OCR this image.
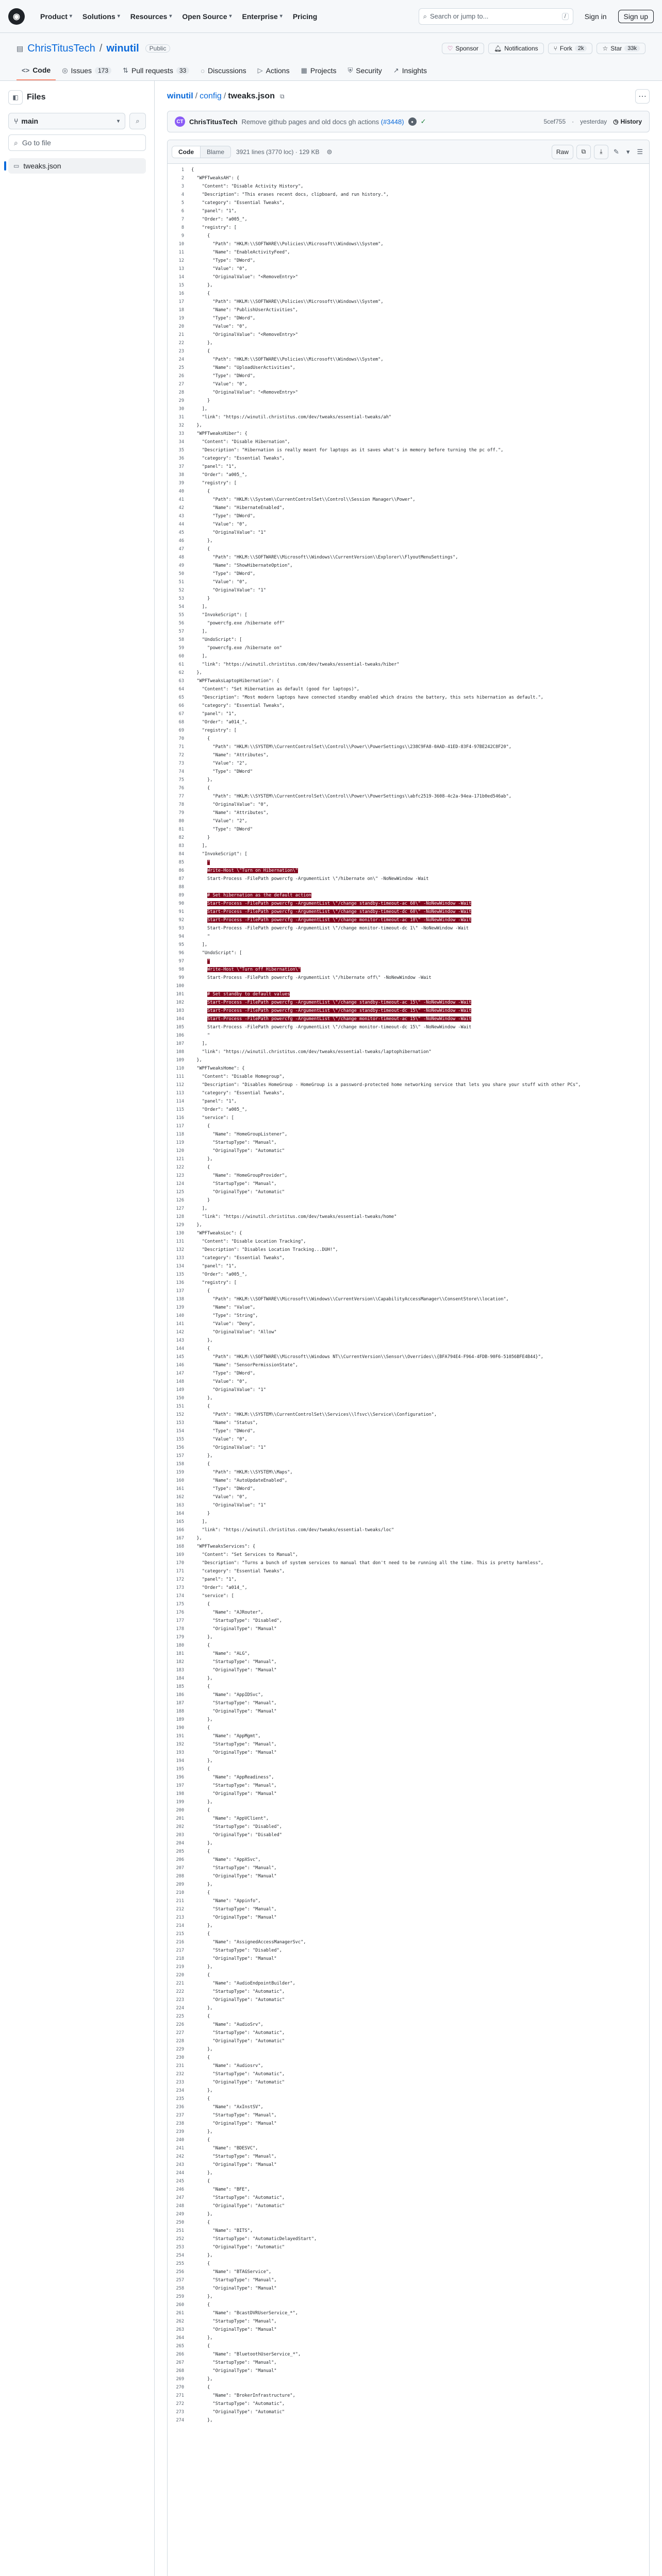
◉	Product ▾ Solutions ▾ Resources ▾ Open Source ▾ Enterprise ▾ Pricing	⌕ Search or jump to...	/	Sign in	Sign up
▤ ChrisTitusTech / winutil	Public	♡ Sponsor	🔔︎ Notifications	⑂ Fork	2k	☆ Star	33k
<> Code ◎ Issues	173	⇅ Pull requests	33	◌ Discussions ▷ Actions ▦ Projects ⛨ Security ↗ Insights
◧ Files
⑂ main	▾ ⌕
⌕ Go to file
▭ tweaks.json
winutil / config / tweaks.json ⧉	⋯
CT ChrisTitusTech Remove github pages and old docs gh actions (#3448)	●	✓	5cef755 · yesterday ◷ History
Code	Blame	3921 lines (3770 loc) · 129 KB	⊚	Raw	⧉ ⤓	✎	▾	☰
1	{
2	"WPFTweaksAH": {
3	"Content": "Disable Activity History",
4	"Description": "This erases recent docs, clipboard, and run history.",
5	"category": "Essential Tweaks",
6	"panel": "1",
7	"Order": "a005_",
8	"registry": [
9	{
10	"Path": "HKLM:\\SOFTWARE\\Policies\\Microsoft\\Windows\\System",
11	"Name": "EnableActivityFeed",
12	"Type": "DWord",
13	"Value": "0",
14	"OriginalValue": "<RemoveEntry>"
15	},
16	{
17	"Path": "HKLM:\\SOFTWARE\\Policies\\Microsoft\\Windows\\System",
18	"Name": "PublishUserActivities",
19	"Type": "DWord",
20	"Value": "0",
21	"OriginalValue": "<RemoveEntry>"
22	},
23	{
24	"Path": "HKLM:\\SOFTWARE\\Policies\\Microsoft\\Windows\\System",
25	"Name": "UploadUserActivities",
26	"Type": "DWord",
27	"Value": "0",
28	"OriginalValue": "<RemoveEntry>"
29	}
30	],
31	"link": "https://winutil.christitus.com/dev/tweaks/essential-tweaks/ah"
32	},
33	"WPFTweaksHiber": {
34	"Content": "Disable Hibernation",
35	"Description": "Hibernation is really meant for laptops as it saves what's in memory before turning the pc off.",
36	"category": "Essential Tweaks",
37	"panel": "1",
38	"Order": "a005_",
39	"registry": [
40	{
41	"Path": "HKLM:\\System\\CurrentControlSet\\Control\\Session Manager\\Power",
42	"Name": "HibernateEnabled",
43	"Type": "DWord",
44	"Value": "0",
45	"OriginalValue": "1"
46	},
47	{
48	"Path": "HKLM:\\SOFTWARE\\Microsoft\\Windows\\CurrentVersion\\Explorer\\FlyoutMenuSettings",
49	"Name": "ShowHibernateOption",
50	"Type": "DWord",
51	"Value": "0",
52	"OriginalValue": "1"
53	}
54	],
55	"InvokeScript": [
56	"powercfg.exe /hibernate off"
57	],
58	"UndoScript": [
59	"powercfg.exe /hibernate on"
60	],
61	"link": "https://winutil.christitus.com/dev/tweaks/essential-tweaks/hiber"
62	},
63	"WPFTweaksLaptopHibernation": {
64	"Content": "Set Hibernation as default (good for laptops)",
65	"Description": "Most modern laptops have connected standby enabled which drains the battery, this sets hibernation as default.",
66	"category": "Essential Tweaks",
67	"panel": "1",
68	"Order": "a014_",
69	"registry": [
70	{
71	"Path": "HKLM:\\SYSTEM\\CurrentControlSet\\Control\\Power\\PowerSettings\\238C9FA8-0AAD-41ED-83F4-97BE242C8F20",
72	"Name": "Attributes",
73	"Value": "2",
74	"Type": "DWord"
75	},
76	{
77	"Path": "HKLM:\\SYSTEM\\CurrentControlSet\\Control\\Power\\PowerSettings\\abfc2519-3608-4c2a-94ea-171b0ed546ab",
78	"OriginalValue": "0",
79	"Name": "Attributes",
80	"Value": "2",
81	"Type": "DWord"
82	}
83	],
84	"InvokeScript": [
85	"
86	Write-Host \"Turn on Hibernation\"
87	Start-Process -FilePath powercfg -ArgumentList \"/hibernate on\" -NoNewWindow -Wait
88
89	# Set hibernation as the default action
90	Start-Process -FilePath powercfg -ArgumentList \"/change standby-timeout-ac 60\" -NoNewWindow -Wait
91	Start-Process -FilePath powercfg -ArgumentList \"/change standby-timeout-dc 60\" -NoNewWindow -Wait
92	Start-Process -FilePath powercfg -ArgumentList \"/change monitor-timeout-ac 10\" -NoNewWindow -Wait
93	Start-Process -FilePath powercfg -ArgumentList \"/change monitor-timeout-dc 1\" -NoNewWindow -Wait
94	"
95	],
96	"UndoScript": [
97	"
98	Write-Host \"Turn off Hibernation\"
99	Start-Process -FilePath powercfg -ArgumentList \"/hibernate off\" -NoNewWindow -Wait
100
101	# Set standby to default values
102	Start-Process -FilePath powercfg -ArgumentList \"/change standby-timeout-ac 15\" -NoNewWindow -Wait
103	Start-Process -FilePath powercfg -ArgumentList \"/change standby-timeout-dc 15\" -NoNewWindow -Wait
104	Start-Process -FilePath powercfg -ArgumentList \"/change monitor-timeout-ac 15\" -NoNewWindow -Wait
105	Start-Process -FilePath powercfg -ArgumentList \"/change monitor-timeout-dc 15\" -NoNewWindow -Wait
106	"
107	],
108	"link": "https://winutil.christitus.com/dev/tweaks/essential-tweaks/laptophibernation"
109	},
110	"WPFTweaksHome": {
111	"Content": "Disable Homegroup",
112	"Description": "Disables HomeGroup - HomeGroup is a password-protected home networking service that lets you share your stuff with other PCs",
113	"category": "Essential Tweaks",
114	"panel": "1",
115	"Order": "a005_",
116	"service": [
117	{
118	"Name": "HomeGroupListener",
119	"StartupType": "Manual",
120	"OriginalType": "Automatic"
121	},
122	{
123	"Name": "HomeGroupProvider",
124	"StartupType": "Manual",
125	"OriginalType": "Automatic"
126	}
127	],
128	"link": "https://winutil.christitus.com/dev/tweaks/essential-tweaks/home"
129	},
130	"WPFTweaksLoc": {
131	"Content": "Disable Location Tracking",
132	"Description": "Disables Location Tracking...DUH!",
133	"category": "Essential Tweaks",
134	"panel": "1",
135	"Order": "a005_",
136	"registry": [
137	{
138	"Path": "HKLM:\\SOFTWARE\\Microsoft\\Windows\\CurrentVersion\\CapabilityAccessManager\\ConsentStore\\location",
139	"Name": "Value",
140	"Type": "String",
141	"Value": "Deny",
142	"OriginalValue": "Allow"
143	},
144	{
145	"Path": "HKLM:\\SOFTWARE\\Microsoft\\Windows NT\\CurrentVersion\\Sensor\\Overrides\\{BFA794E4-F964-4FDB-90F6-51056BFE4B44}",
146	"Name": "SensorPermissionState",
147	"Type": "DWord",
148	"Value": "0",
149	"OriginalValue": "1"
150	},
151	{
152	"Path": "HKLM:\\SYSTEM\\CurrentControlSet\\Services\\lfsvc\\Service\\Configuration",
153	"Name": "Status",
154	"Type": "DWord",
155	"Value": "0",
156	"OriginalValue": "1"
157	},
158	{
159	"Path": "HKLM:\\SYSTEM\\Maps",
160	"Name": "AutoUpdateEnabled",
161	"Type": "DWord",
162	"Value": "0",
163	"OriginalValue": "1"
164	}
165	],
166	"link": "https://winutil.christitus.com/dev/tweaks/essential-tweaks/loc"
167	},
168	"WPFTweaksServices": {
169	"Content": "Set Services to Manual",
170	"Description": "Turns a bunch of system services to manual that don't need to be running all the time. This is pretty harmless",
171	"category": "Essential Tweaks",
172	"panel": "1",
173	"Order": "a014_",
174	"service": [
175	{
176	"Name": "AJRouter",
177	"StartupType": "Disabled",
178	"OriginalType": "Manual"
179	},
180	{
181	"Name": "ALG",
182	"StartupType": "Manual",
183	"OriginalType": "Manual"
184	},
185	{
186	"Name": "AppIDSvc",
187	"StartupType": "Manual",
188	"OriginalType": "Manual"
189	},
190	{
191	"Name": "AppMgmt",
192	"StartupType": "Manual",
193	"OriginalType": "Manual"
194	},
195	{
196	"Name": "AppReadiness",
197	"StartupType": "Manual",
198	"OriginalType": "Manual"
199	},
200	{
201	"Name": "AppVClient",
202	"StartupType": "Disabled",
203	"OriginalType": "Disabled"
204	},
205	{
206	"Name": "AppXSvc",
207	"StartupType": "Manual",
208	"OriginalType": "Manual"
209	},
210	{
211	"Name": "Appinfo",
212	"StartupType": "Manual",
213	"OriginalType": "Manual"
214	},
215	{
216	"Name": "AssignedAccessManagerSvc",
217	"StartupType": "Disabled",
218	"OriginalType": "Manual"
219	},
220	{
221	"Name": "AudioEndpointBuilder",
222	"StartupType": "Automatic",
223	"OriginalType": "Automatic"
224	},
225	{
226	"Name": "AudioSrv",
227	"StartupType": "Automatic",
228	"OriginalType": "Automatic"
229	},
230	{
231	"Name": "Audiosrv",
232	"StartupType": "Automatic",
233	"OriginalType": "Automatic"
234	},
235	{
236	"Name": "AxInstSV",
237	"StartupType": "Manual",
238	"OriginalType": "Manual"
239	},
240	{
241	"Name": "BDESVC",
242	"StartupType": "Manual",
243	"OriginalType": "Manual"
244	},
245	{
246	"Name": "BFE",
247	"StartupType": "Automatic",
248	"OriginalType": "Automatic"
249	},
250	{
251	"Name": "BITS",
252	"StartupType": "AutomaticDelayedStart",
253	"OriginalType": "Automatic"
254	},
255	{
256	"Name": "BTAGService",
257	"StartupType": "Manual",
258	"OriginalType": "Manual"
259	},
260	{
261	"Name": "BcastDVRUserService_*",
262	"StartupType": "Manual",
263	"OriginalType": "Manual"
264	},
265	{
266	"Name": "BluetoothUserService_*",
267	"StartupType": "Manual",
268	"OriginalType": "Manual"
269	},
270	{
271	"Name": "BrokerInfrastructure",
272	"StartupType": "Automatic",
273	"OriginalType": "Automatic"
274	},
